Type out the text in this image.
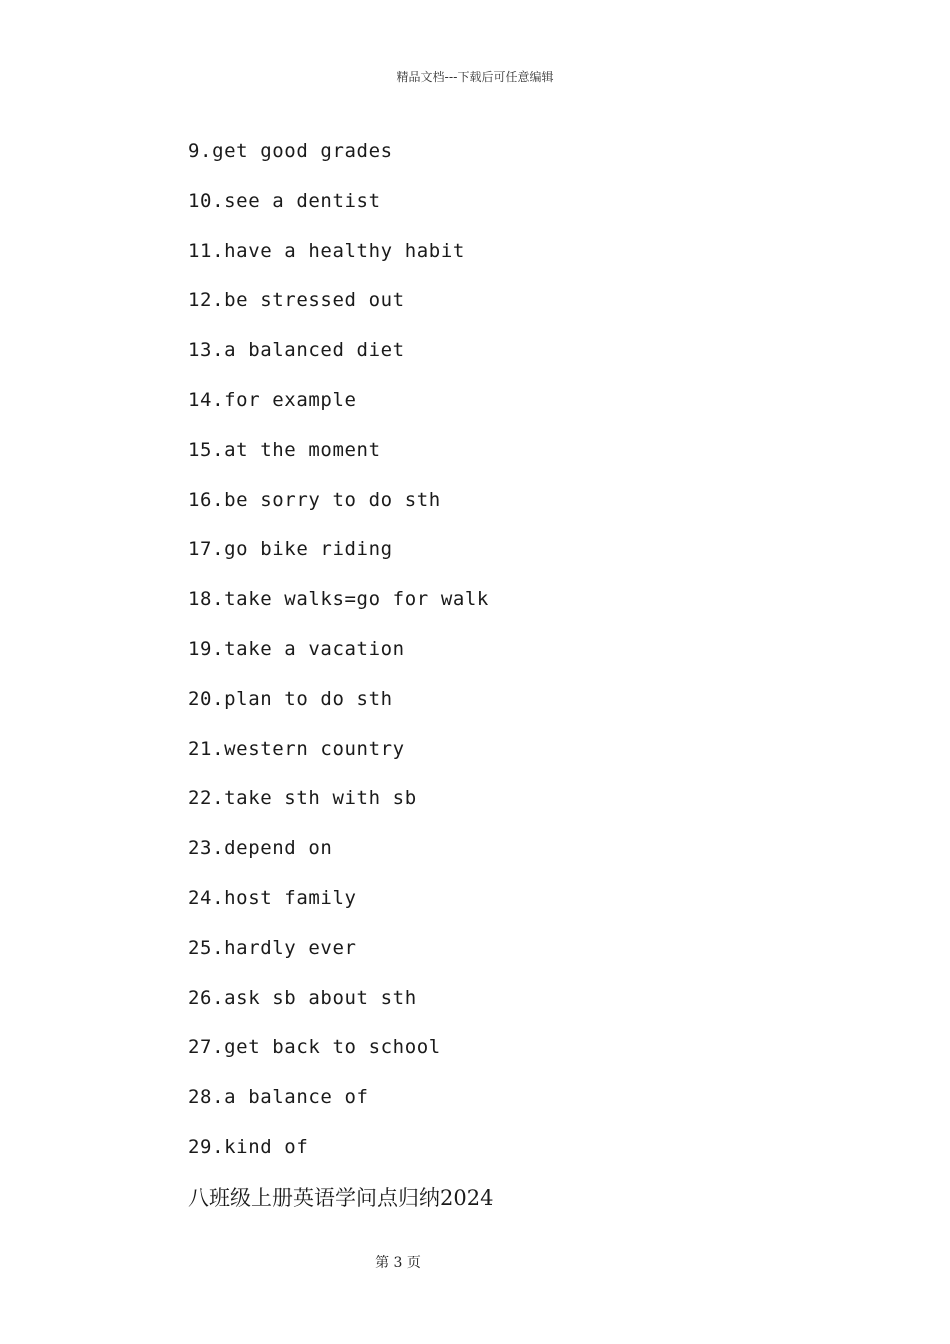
精品文档---下载后可任意编辑
9.get good grades
10.see a dentist
11.have a healthy habit
12.be stressed out
13.a balanced diet
14.for example
15.at the moment
16.be sorry to do sth
17.go bike riding
18.take walks=go for walk
19.take a vacation
20.plan to do sth
21.western country
22.take sth with sb
23.depend on
24.host family
25.hardly ever
26.ask sb about sth
27.get back to school
28.a balance of
29.kind of
八班级上册英语学问点归纳2024
第 3 页
